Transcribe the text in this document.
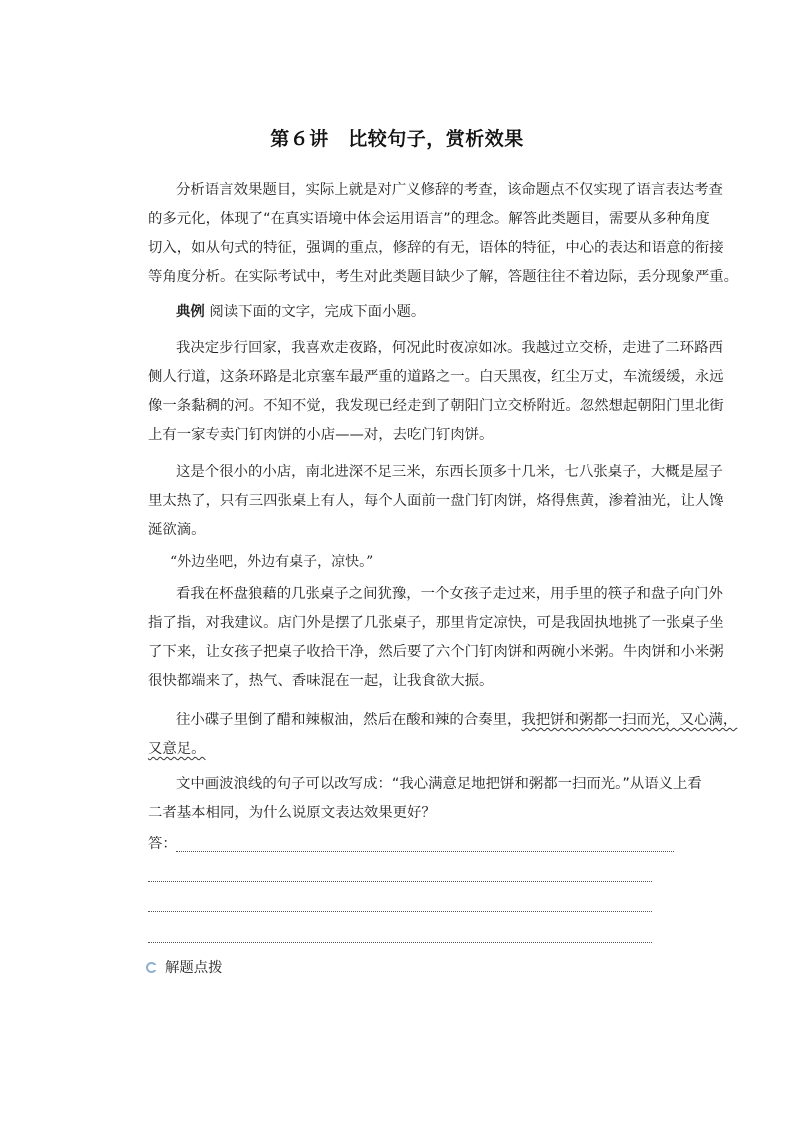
第６讲　比较句子，赏析效果
分析语言效果题目，实际上就是对广义修辞的考查，该命题点不仅实现了语言表达考查
的多元化，体现了“在真实语境中体会运用语言”的理念。解答此类题目，需要从多种角度
切入，如从句式的特征，强调的重点，修辞的有无，语体的特征，中心的表达和语意的衔接
等角度分析。在实际考试中，考生对此类题目缺少了解，答题往往不着边际，丢分现象严重。
典例 阅读下面的文字，完成下面小题。
我决定步行回家，我喜欢走夜路，何况此时夜凉如冰。我越过立交桥，走进了二环路西
侧人行道，这条环路是北京塞车最严重的道路之一。白天黑夜，红尘万丈，车流缓缓，永远
像一条黏稠的河。不知不觉，我发现已经走到了朝阳门立交桥附近。忽然想起朝阳门里北街
上有一家专卖门钉肉饼的小店——对，去吃门钉肉饼。
这是个很小的小店，南北进深不足三米，东西长顶多十几米，七八张桌子，大概是屋子
里太热了，只有三四张桌上有人，每个人面前一盘门钉肉饼，烙得焦黄，渗着油光，让人馋
涎欲滴。
“外边坐吧，外边有桌子，凉快。”
看我在杯盘狼藉的几张桌子之间犹豫，一个女孩子走过来，用手里的筷子和盘子向门外
指了指，对我建议。店门外是摆了几张桌子，那里肯定凉快，可是我固执地挑了一张桌子坐
了下来，让女孩子把桌子收拾干净，然后要了六个门钉肉饼和两碗小米粥。牛肉饼和小米粥
很快都端来了，热气、香味混在一起，让我食欲大振。
往小碟子里倒了醋和辣椒油，然后在酸和辣的合奏里，我把饼和粥都一扫而光，又心满，
又意足。
文中画波浪线的句子可以改写成：“我心满意足地把饼和粥都一扫而光。”从语义上看
二者基本相同，为什么说原文表达效果更好？
答：
解题点拨
